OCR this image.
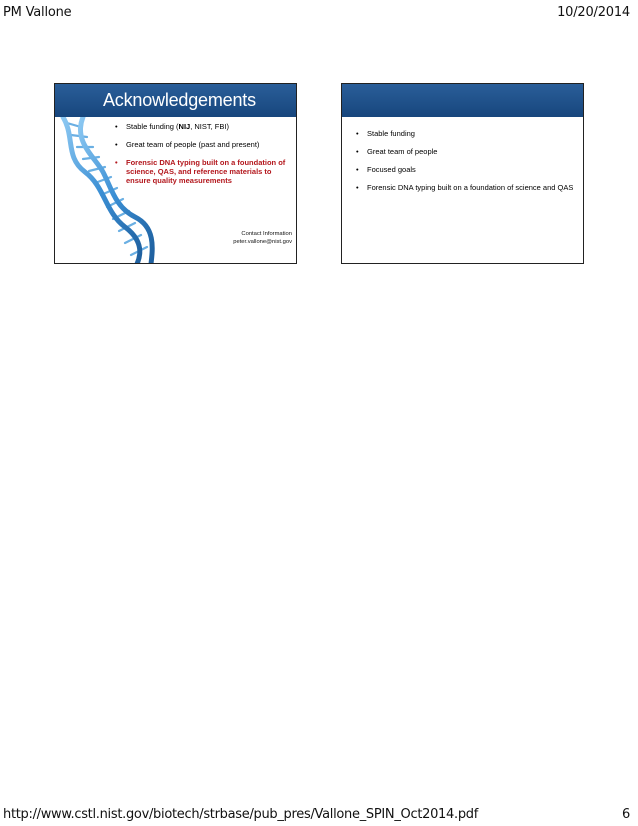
PM Vallone	10/20/2014
Acknowledgements
• Stable funding (NIJ, NIST, FBI)
• Great team of people (past and present)
• Forensic DNA typing built on a foundation of science, QAS, and reference materials to ensure quality measurements
Contact Information
peter.vallone@nist.gov
• Stable funding
• Great team of people
• Focused goals
• Forensic DNA typing built on a foundation of science and QAS
http://www.cstl.nist.gov/biotech/strbase/pub_pres/Vallone_SPIN_Oct2014.pdf	6
